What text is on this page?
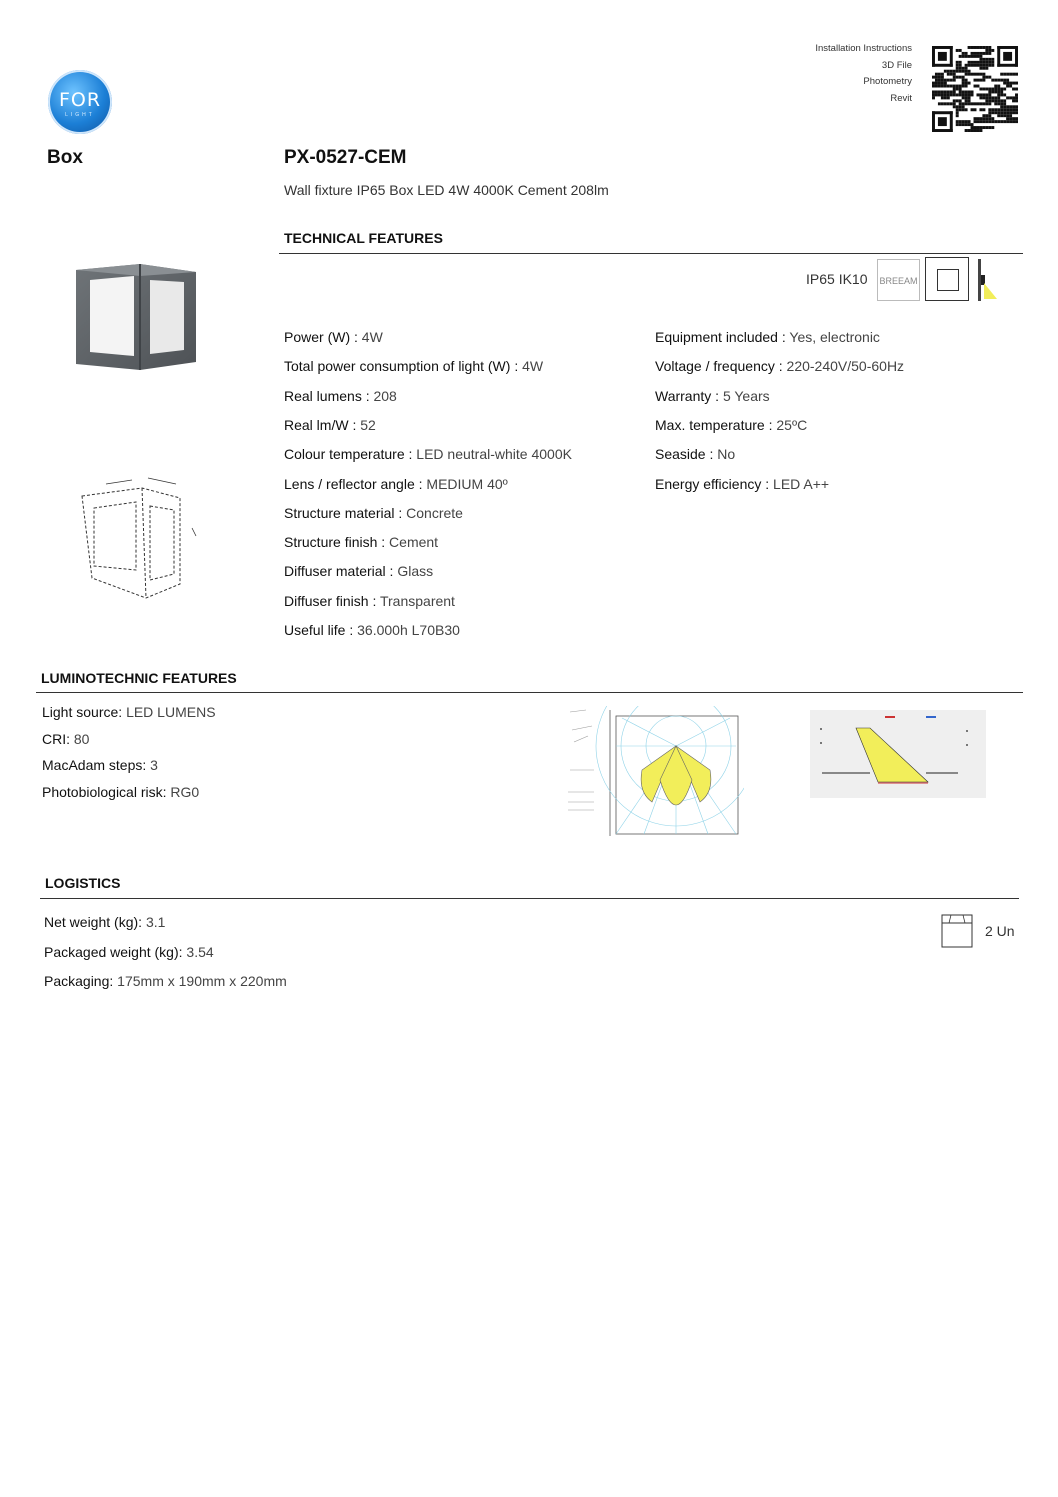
FOR
LIGHT
Installation Instructions
3D File
Photometry
Revit
Box	PX-0527-CEM
Wall fixture IP65 Box LED 4W 4000K Cement 208lm
TECHNICAL FEATURES
IP65 IK10 BREEAM
Power (W) : 4W
Total power consumption of light (W) : 4W
Real lumens : 208
Real lm/W : 52
Colour temperature : LED neutral-white 4000K
Lens / reflector angle : MEDIUM 40º
Structure material : Concrete
Structure finish : Cement
Diffuser material : Glass
Diffuser finish : Transparent
Useful life : 36.000h L70B30
Equipment included : Yes, electronic
Voltage / frequency : 220-240V/50-60Hz
Warranty : 5 Years
Max. temperature : 25ºC
Seaside : No
Energy efficiency : LED A++
LUMINOTECHNIC FEATURES
Light source: LED LUMENS
CRI: 80
MacAdam steps: 3
Photobiological risk: RG0
LOGISTICS
Net weight (kg): 3.1
Packaged weight (kg): 3.54
Packaging: 175mm x 190mm x 220mm
2 Un
